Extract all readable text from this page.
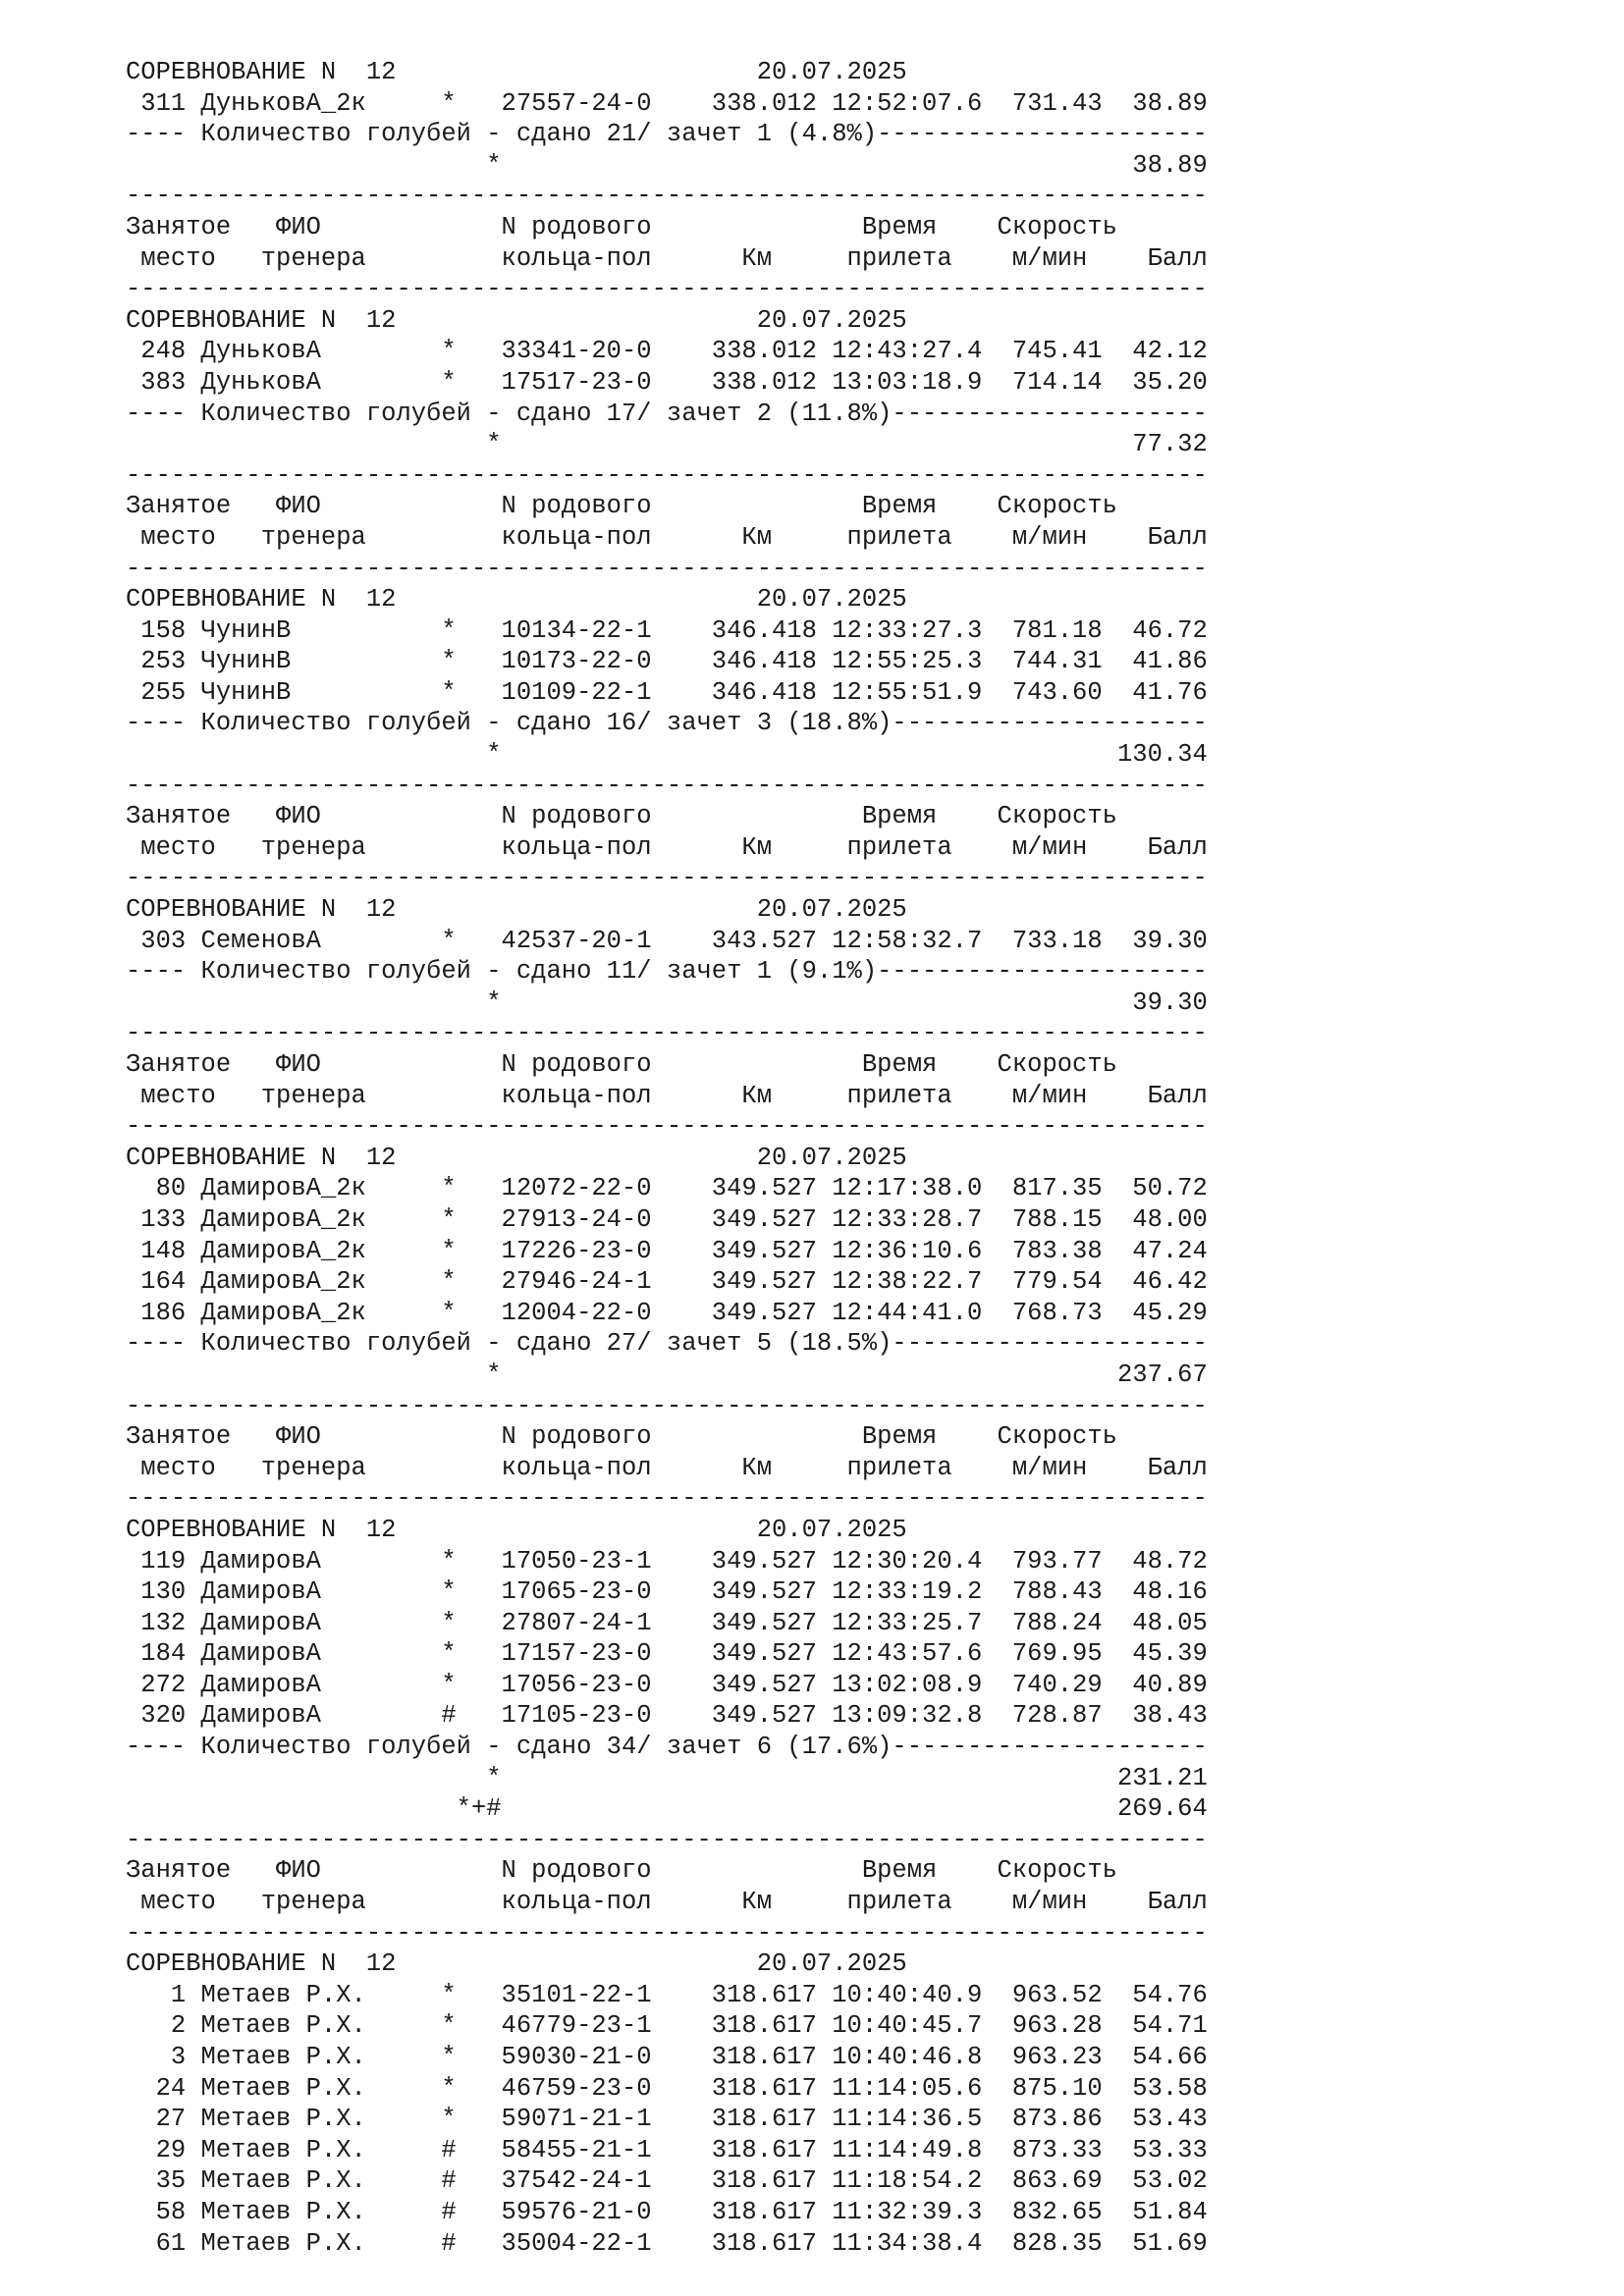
СОРЕВНОВАНИЕ N  12                        20.07.2025
311 ДуньковА_2к     *   27557-24-0    338.012 12:52:07.6  731.43  38.89
---- Количество голубей - сдано 21/ зачет 1 (4.8%)----------------------
*                                          38.89
------------------------------------------------------------------------
Занятое   ФИО            N родового              Время    Скорость
место   тренера         кольца-пол      Км     прилета    м/мин    Балл
------------------------------------------------------------------------
СОРЕВНОВАНИЕ N  12                        20.07.2025
248 ДуньковА        *   33341-20-0    338.012 12:43:27.4  745.41  42.12
383 ДуньковА        *   17517-23-0    338.012 13:03:18.9  714.14  35.20
---- Количество голубей - сдано 17/ зачет 2 (11.8%)---------------------
*                                          77.32
------------------------------------------------------------------------
Занятое   ФИО            N родового              Время    Скорость
место   тренера         кольца-пол      Км     прилета    м/мин    Балл
------------------------------------------------------------------------
СОРЕВНОВАНИЕ N  12                        20.07.2025
158 ЧунинВ          *   10134-22-1    346.418 12:33:27.3  781.18  46.72
253 ЧунинВ          *   10173-22-0    346.418 12:55:25.3  744.31  41.86
255 ЧунинВ          *   10109-22-1    346.418 12:55:51.9  743.60  41.76
---- Количество голубей - сдано 16/ зачет 3 (18.8%)---------------------
*                                         130.34
------------------------------------------------------------------------
Занятое   ФИО            N родового              Время    Скорость
место   тренера         кольца-пол      Км     прилета    м/мин    Балл
------------------------------------------------------------------------
СОРЕВНОВАНИЕ N  12                        20.07.2025
303 СеменовА        *   42537-20-1    343.527 12:58:32.7  733.18  39.30
---- Количество голубей - сдано 11/ зачет 1 (9.1%)----------------------
*                                          39.30
------------------------------------------------------------------------
Занятое   ФИО            N родового              Время    Скорость
место   тренера         кольца-пол      Км     прилета    м/мин    Балл
------------------------------------------------------------------------
СОРЕВНОВАНИЕ N  12                        20.07.2025
80 ДамировА_2к     *   12072-22-0    349.527 12:17:38.0  817.35  50.72
133 ДамировА_2к     *   27913-24-0    349.527 12:33:28.7  788.15  48.00
148 ДамировА_2к     *   17226-23-0    349.527 12:36:10.6  783.38  47.24
164 ДамировА_2к     *   27946-24-1    349.527 12:38:22.7  779.54  46.42
186 ДамировА_2к     *   12004-22-0    349.527 12:44:41.0  768.73  45.29
---- Количество голубей - сдано 27/ зачет 5 (18.5%)---------------------
*                                         237.67
------------------------------------------------------------------------
Занятое   ФИО            N родового              Время    Скорость
место   тренера         кольца-пол      Км     прилета    м/мин    Балл
------------------------------------------------------------------------
СОРЕВНОВАНИЕ N  12                        20.07.2025
119 ДамировА        *   17050-23-1    349.527 12:30:20.4  793.77  48.72
130 ДамировА        *   17065-23-0    349.527 12:33:19.2  788.43  48.16
132 ДамировА        *   27807-24-1    349.527 12:33:25.7  788.24  48.05
184 ДамировА        *   17157-23-0    349.527 12:43:57.6  769.95  45.39
272 ДамировА        *   17056-23-0    349.527 13:02:08.9  740.29  40.89
320 ДамировА        #   17105-23-0    349.527 13:09:32.8  728.87  38.43
---- Количество голубей - сдано 34/ зачет 6 (17.6%)---------------------
*                                         231.21
*+#                                         269.64
------------------------------------------------------------------------
Занятое   ФИО            N родового              Время    Скорость
место   тренера         кольца-пол      Км     прилета    м/мин    Балл
------------------------------------------------------------------------
СОРЕВНОВАНИЕ N  12                        20.07.2025
1 Метаев Р.Х.     *   35101-22-1    318.617 10:40:40.9  963.52  54.76
2 Метаев Р.Х.     *   46779-23-1    318.617 10:40:45.7  963.28  54.71
3 Метаев Р.Х.     *   59030-21-0    318.617 10:40:46.8  963.23  54.66
24 Метаев Р.Х.     *   46759-23-0    318.617 11:14:05.6  875.10  53.58
27 Метаев Р.Х.     *   59071-21-1    318.617 11:14:36.5  873.86  53.43
29 Метаев Р.Х.     #   58455-21-1    318.617 11:14:49.8  873.33  53.33
35 Метаев Р.Х.     #   37542-24-1    318.617 11:18:54.2  863.69  53.02
58 Метаев Р.Х.     #   59576-21-0    318.617 11:32:39.3  832.65  51.84
61 Метаев Р.Х.     #   35004-22-1    318.617 11:34:38.4  828.35  51.69
